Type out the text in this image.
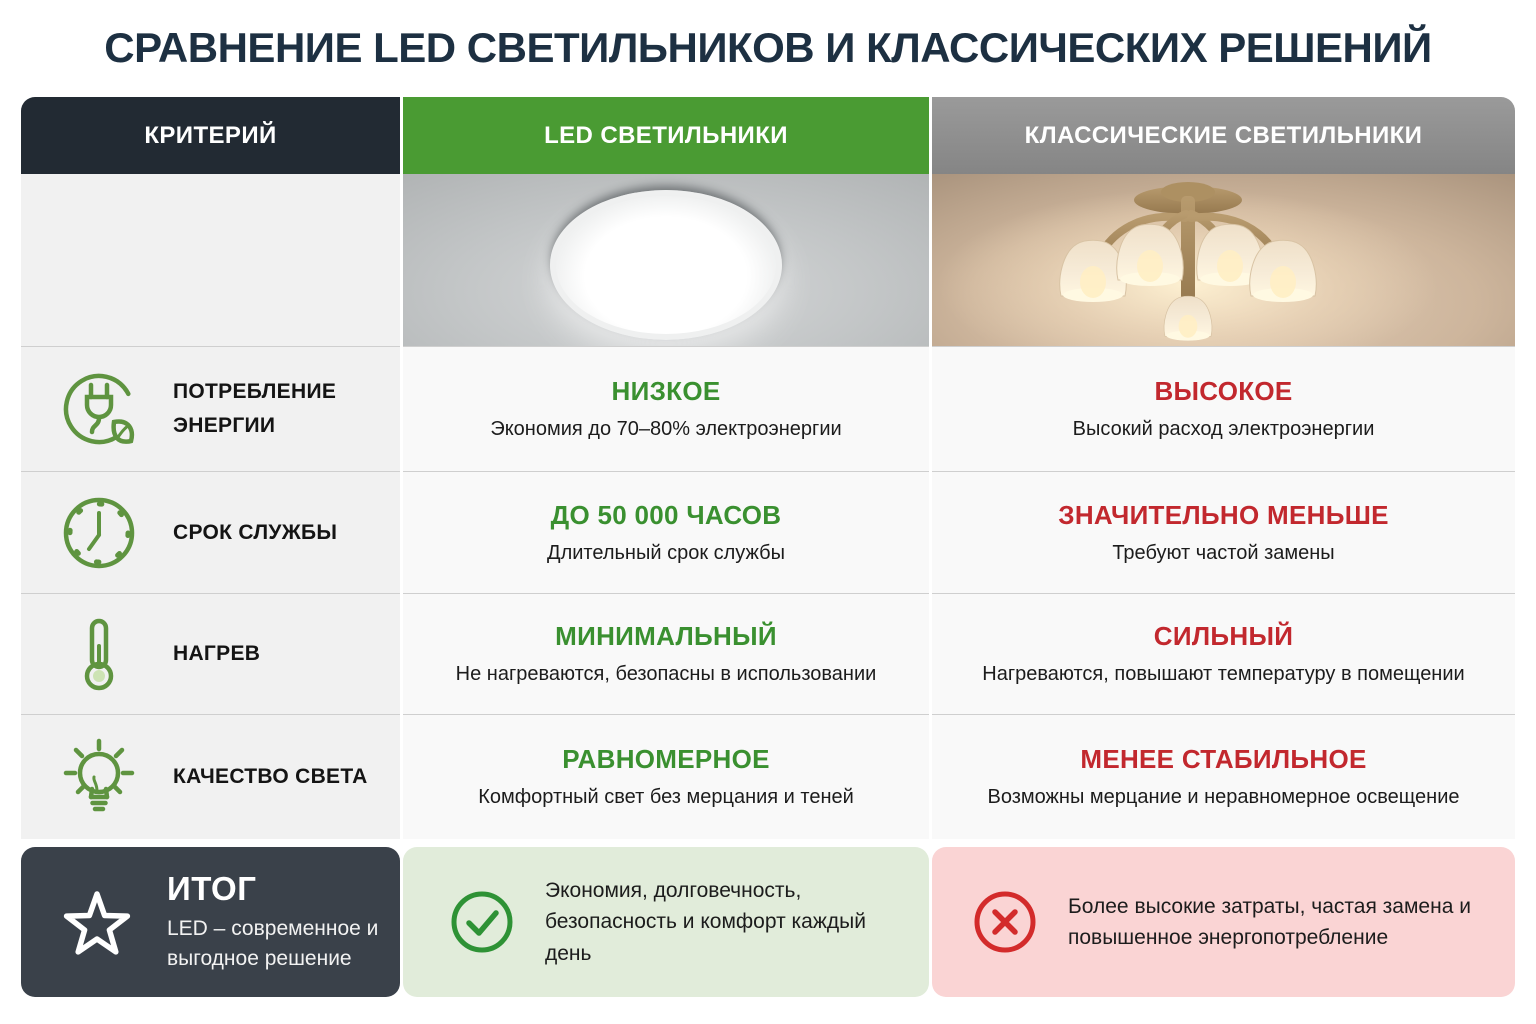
СРАВНЕНИЕ LED СВЕТИЛЬНИКОВ И КЛАССИЧЕСКИХ РЕШЕНИЙ
КРИТЕРИЙ	LED СВЕТИЛЬНИКИ	КЛАССИЧЕСКИЕ СВЕТИЛЬНИКИ
ПОТРЕБЛЕНИЕ ЭНЕРГИИ
НИЗКОЕ
Экономия до 70–80% электроэнергии
ВЫСОКОЕ
Высокий расход электроэнергии
СРОК СЛУЖБЫ
ДО 50 000 ЧАСОВ
Длительный срок службы
ЗНАЧИТЕЛЬНО МЕНЬШЕ
Требуют частой замены
НАГРЕВ
МИНИМАЛЬНЫЙ
Не нагреваются, безопасны в использовании
СИЛЬНЫЙ
Нагреваются, повышают температуру в помещении
КАЧЕСТВО СВЕТА
РАВНОМЕРНОЕ
Комфортный свет без мерцания и теней
МЕНЕЕ СТАБИЛЬНОЕ
Возможны мерцание и неравномерное освещение
ИТОГ
LED – современное и выгодное решение
Экономия, долговечность, безопасность и комфорт каждый день
Более высокие затраты, частая замена и повышенное энергопотребление
